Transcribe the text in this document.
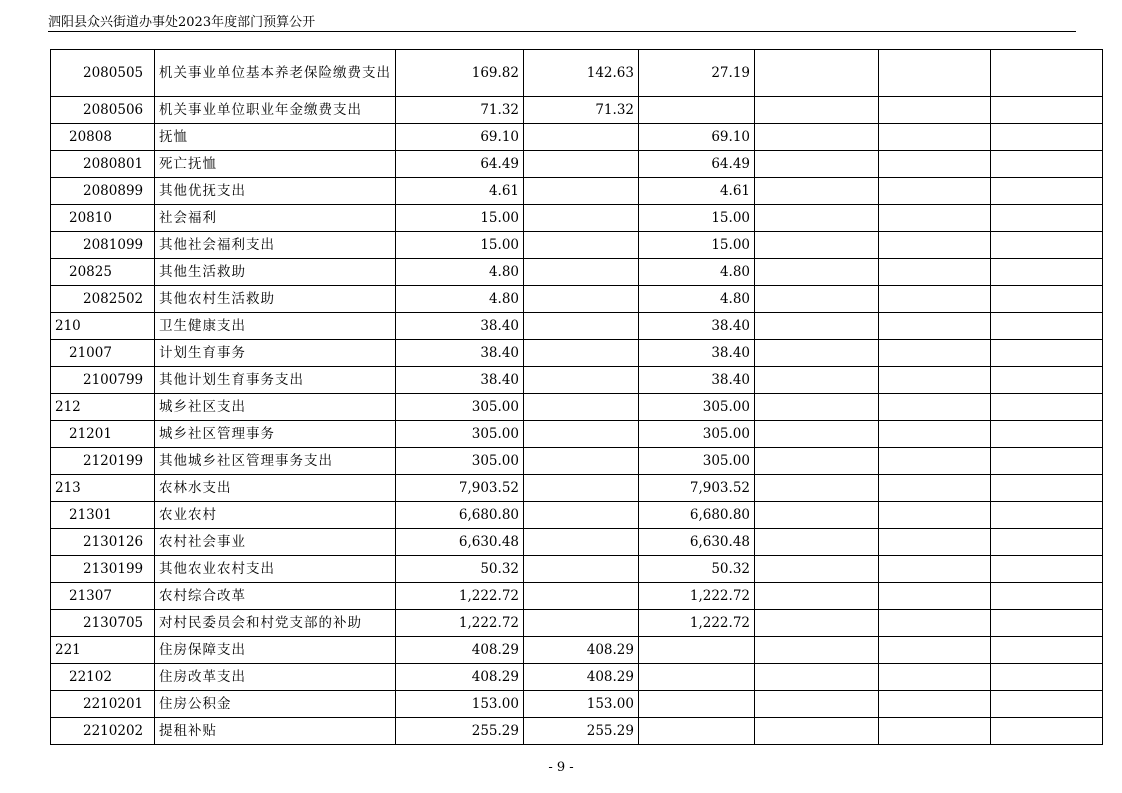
泗阳县众兴街道办事处2023年度部门预算公开
2080505	机关事业单位基本养老保险缴费支出	169.82	142.63	27.19			
2080506	机关事业单位职业年金缴费支出	71.32	71.32				
20808	抚恤	69.10		69.10			
2080801	死亡抚恤	64.49		64.49			
2080899	其他优抚支出	4.61		4.61			
20810	社会福利	15.00		15.00			
2081099	其他社会福利支出	15.00		15.00			
20825	其他生活救助	4.80		4.80			
2082502	其他农村生活救助	4.80		4.80			
210	卫生健康支出	38.40		38.40			
21007	计划生育事务	38.40		38.40			
2100799	其他计划生育事务支出	38.40		38.40			
212	城乡社区支出	305.00		305.00			
21201	城乡社区管理事务	305.00		305.00			
2120199	其他城乡社区管理事务支出	305.00		305.00			
213	农林水支出	7,903.52		7,903.52			
21301	农业农村	6,680.80		6,680.80			
2130126	农村社会事业	6,630.48		6,630.48			
2130199	其他农业农村支出	50.32		50.32			
21307	农村综合改革	1,222.72		1,222.72			
2130705	对村民委员会和村党支部的补助	1,222.72		1,222.72			
221	住房保障支出	408.29	408.29				
22102	住房改革支出	408.29	408.29				
2210201	住房公积金	153.00	153.00				
2210202	提租补贴	255.29	255.29				
- 9 -
